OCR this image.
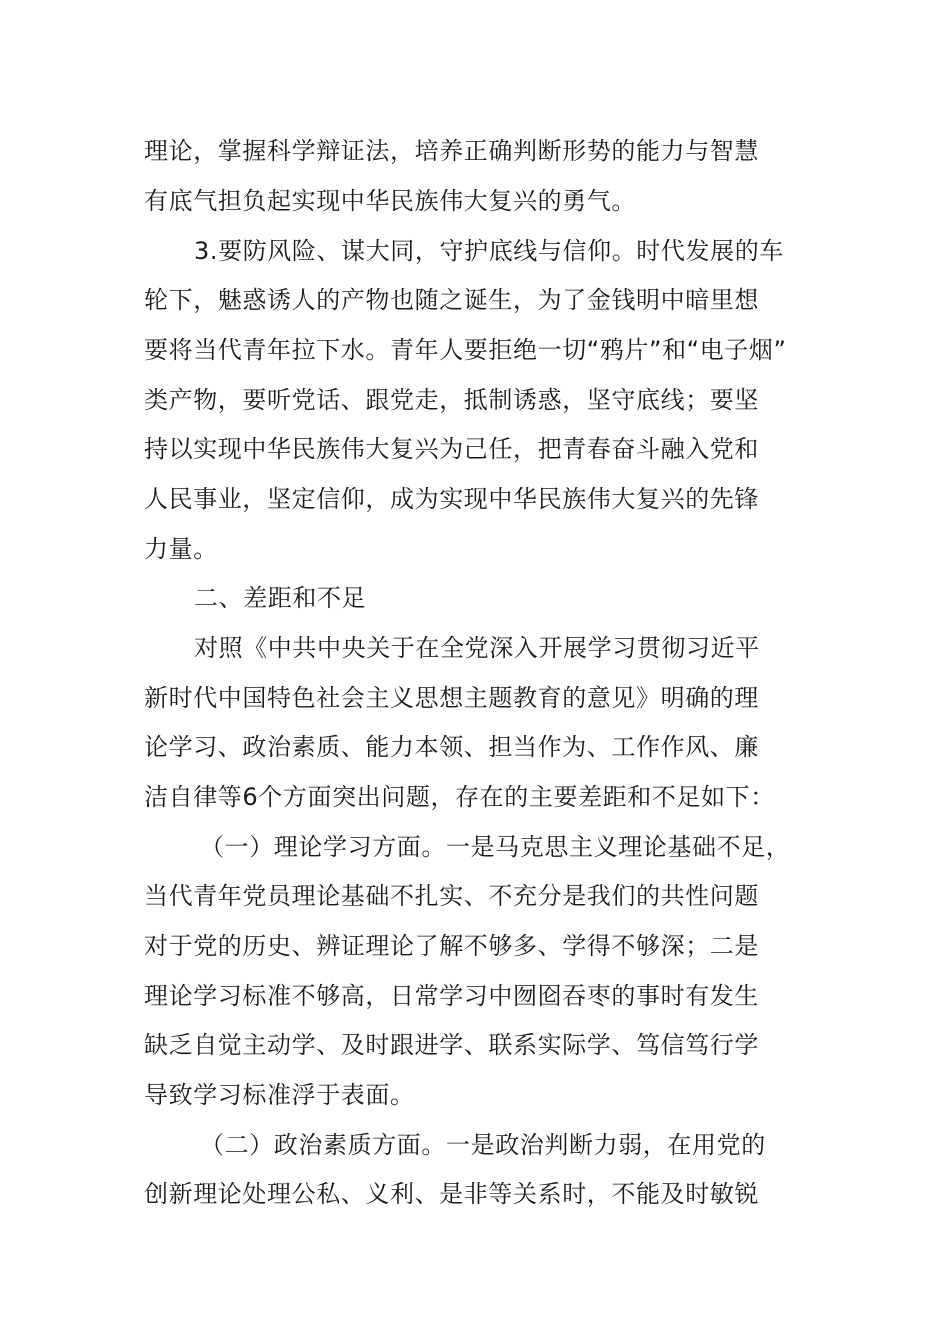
理论，掌握科学辩证法，培养正确判断形势的能力与智慧
有底气担负起实现中华民族伟大复兴的勇气。
3.要防风险、谋大同，守护底线与信仰。时代发展的车
轮下，魅惑诱人的产物也随之诞生，为了金钱明中暗里想
要将当代青年拉下水。青年人要拒绝一切“鸦片”和“电子烟”
类产物，要听党话、跟党走，抵制诱惑，坚守底线；要坚
持以实现中华民族伟大复兴为己任，把青春奋斗融入党和
人民事业，坚定信仰，成为实现中华民族伟大复兴的先锋
力量。
二、差距和不足
对照《中共中央关于在全党深入开展学习贯彻习近平
新时代中国特色社会主义思想主题教育的意见》明确的理
论学习、政治素质、能力本领、担当作为、工作作风、廉
洁自律等6个方面突出问题，存在的主要差距和不足如下：
（一）理论学习方面。一是马克思主义理论基础不足，
当代青年党员理论基础不扎实、不充分是我们的共性问题
对于党的历史、辨证理论了解不够多、学得不够深；二是
理论学习标准不够高，日常学习中囫囵吞枣的事时有发生
缺乏自觉主动学、及时跟进学、联系实际学、笃信笃行学
导致学习标准浮于表面。
（二）政治素质方面。一是政治判断力弱，在用党的
创新理论处理公私、义利、是非等关系时，不能及时敏锐
